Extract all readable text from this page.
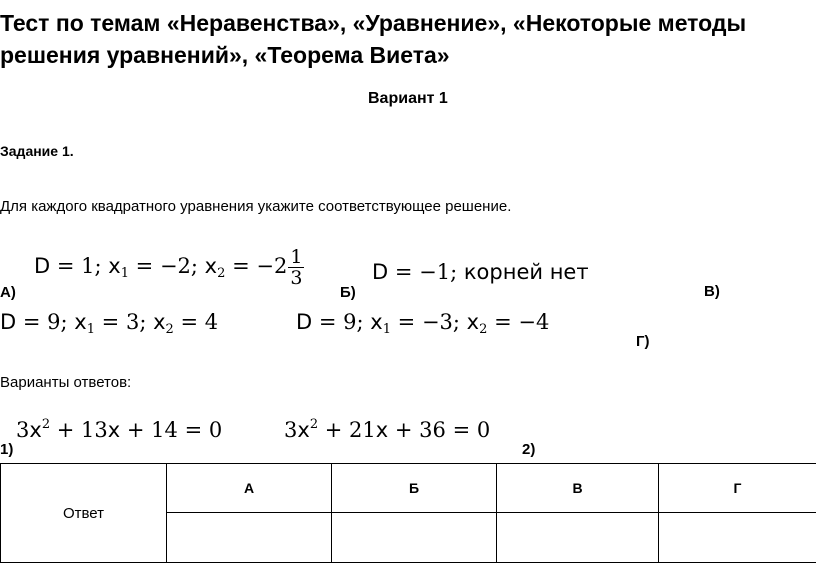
Тест по темам «Неравенства», «Уравнение», «Некоторые методы
решения уравнений», «Теорема Виета»
Вариант 1
Задание 1.
Для каждого квадратного уравнения укажите соответствующее решение.
D = 1; $x_1 = -2$; $x_2 = -2 \frac{1}{3}$
А)
D = −1; корней нет
Б)	В)
D = 9; $x_1 = 3$; $x_2 = 4$	D = 9; $x_1 = -3$; $x_2 = -4$
Г)
Варианты ответов:
$3x^2 + 13x + 14 = 0$
1)
$3x^2 + 21x + 36 = 0$
2)
Ответ	А	Б	В	Г
